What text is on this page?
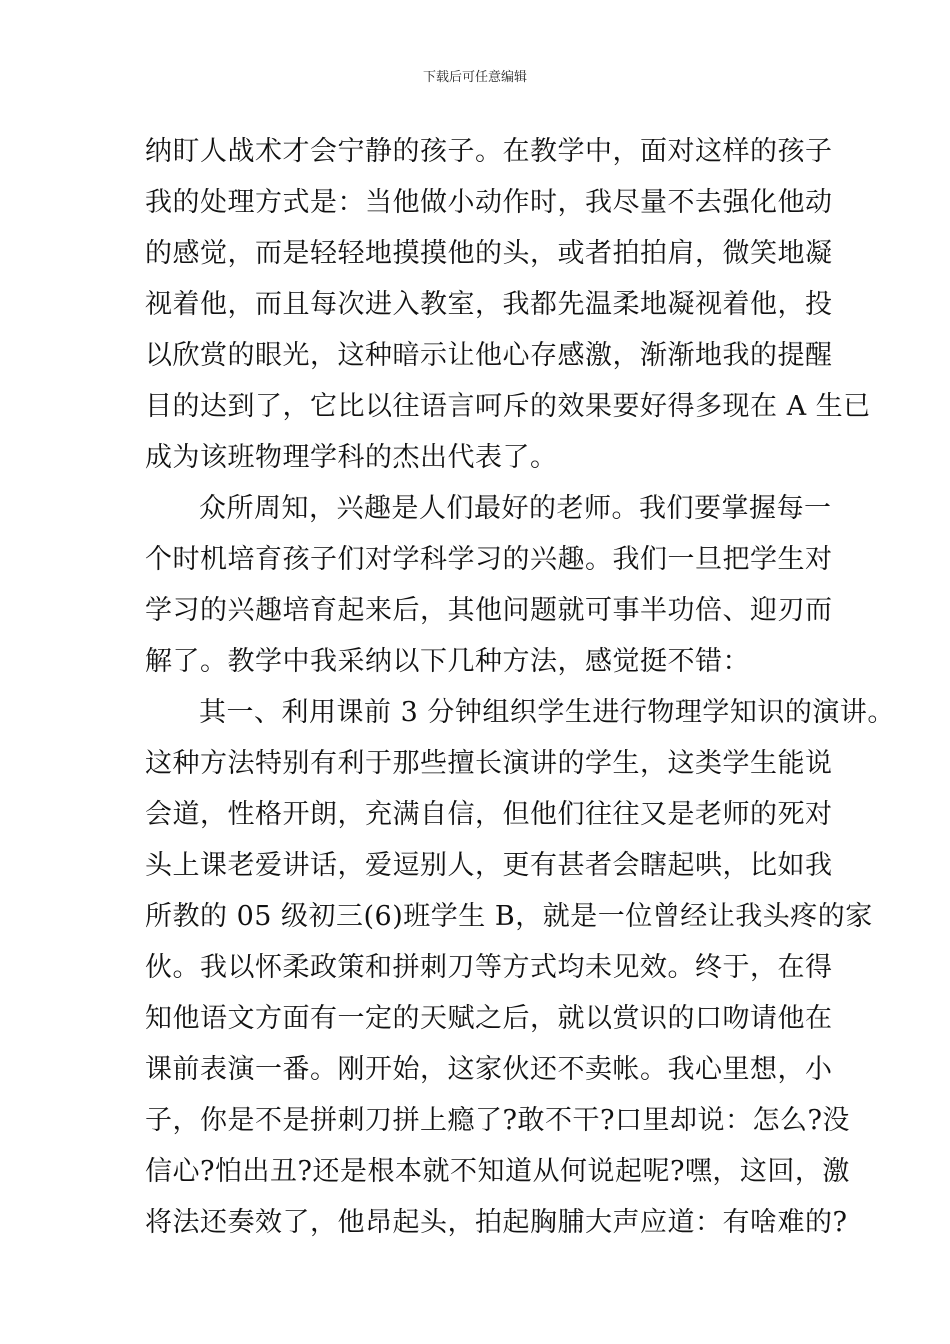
下载后可任意编辑
纳盯人战术才会宁静的孩子。在教学中，面对这样的孩子
我的处理方式是：当他做小动作时，我尽量不去强化他动
的感觉，而是轻轻地摸摸他的头，或者拍拍肩，微笑地凝
视着他，而且每次进入教室，我都先温柔地凝视着他，投
以欣赏的眼光，这种暗示让他心存感激，渐渐地我的提醒
目的达到了，它比以往语言呵斥的效果要好得多现在 A 生已
成为该班物理学科的杰出代表了。
众所周知，兴趣是人们最好的老师。我们要掌握每一
个时机培育孩子们对学科学习的兴趣。我们一旦把学生对
学习的兴趣培育起来后，其他问题就可事半功倍、迎刃而
解了。教学中我采纳以下几种方法，感觉挺不错：
其一、利用课前 3 分钟组织学生进行物理学知识的演讲。
这种方法特别有利于那些擅长演讲的学生，这类学生能说
会道，性格开朗，充满自信，但他们往往又是老师的死对
头上课老爱讲话，爱逗别人，更有甚者会瞎起哄，比如我
所教的 05 级初三(6)班学生 B，就是一位曾经让我头疼的家
伙。我以怀柔政策和拼刺刀等方式均未见效。终于，在得
知他语文方面有一定的天赋之后，就以赏识的口吻请他在
课前表演一番。刚开始，这家伙还不卖帐。我心里想，小
子，你是不是拼刺刀拼上瘾了?敢不干?口里却说：怎么?没
信心?怕出丑?还是根本就不知道从何说起呢?嘿，这回，激
将法还奏效了，他昂起头，拍起胸脯大声应道：有啥难的?
